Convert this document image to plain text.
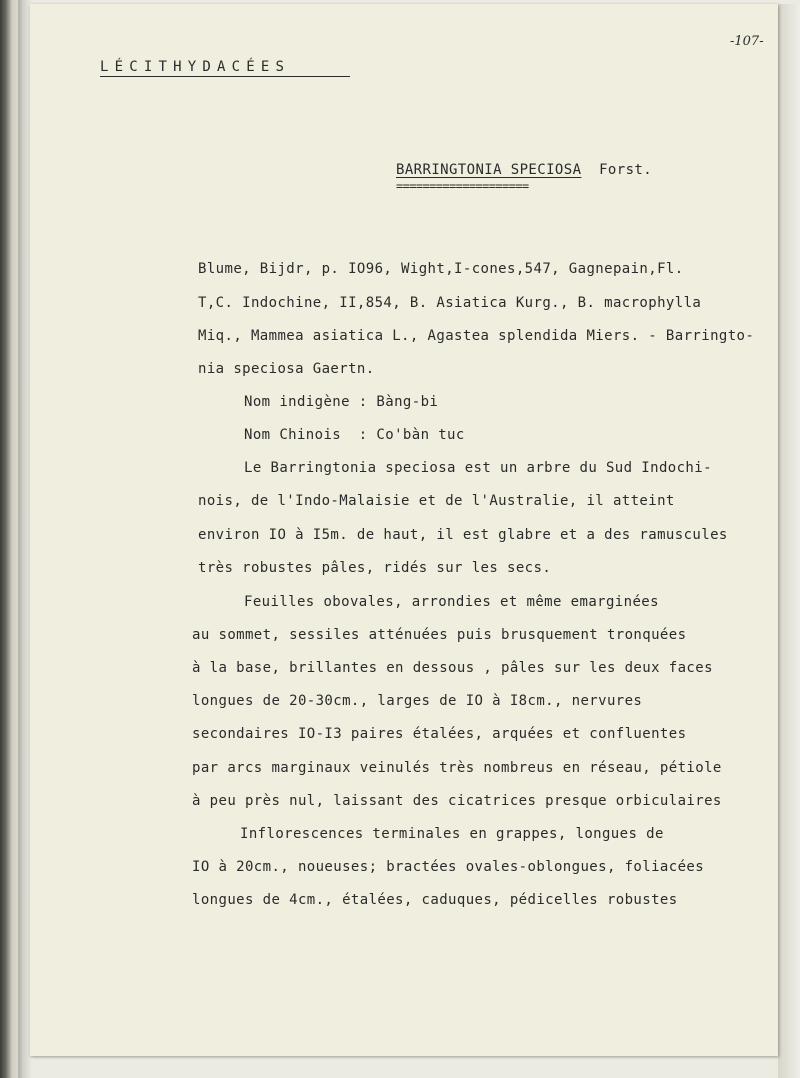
-107-
LÉCITHYDACÉES
BARRINGTONIA SPECIOSA Forst.
====================
Blume, Bijdr, p. IO96, Wight,I-cones,547, Gagnepain,Fl.
T,C. Indochine, II,854, B. Asiatica Kurg., B. macrophylla
Miq., Mammea asiatica L., Agastea splendida Miers. - Barringto-
nia speciosa Gaertn.
Nom indigène : Bàng-bi
Nom Chinois  : Co'bàn tuc
Le Barringtonia speciosa est un arbre du Sud Indochi-
nois, de l'Indo-Malaisie et de l'Australie, il atteint
environ IO à I5m. de haut, il est glabre et a des ramuscules
très robustes pâles, ridés sur les secs.
Feuilles obovales, arrondies et même emarginées
au sommet, sessiles atténuées puis brusquement tronquées
à la base, brillantes en dessous , pâles sur les deux faces
longues de 20-30cm., larges de IO à I8cm., nervures
secondaires IO-I3 paires étalées, arquées et confluentes
par arcs marginaux veinulés très nombreus en réseau, pétiole
à peu près nul, laissant des cicatrices presque orbiculaires
Inflorescences terminales en grappes, longues de
IO à 20cm., noueuses; bractées ovales-oblongues, foliacées
longues de 4cm., étalées, caduques, pédicelles robustes
